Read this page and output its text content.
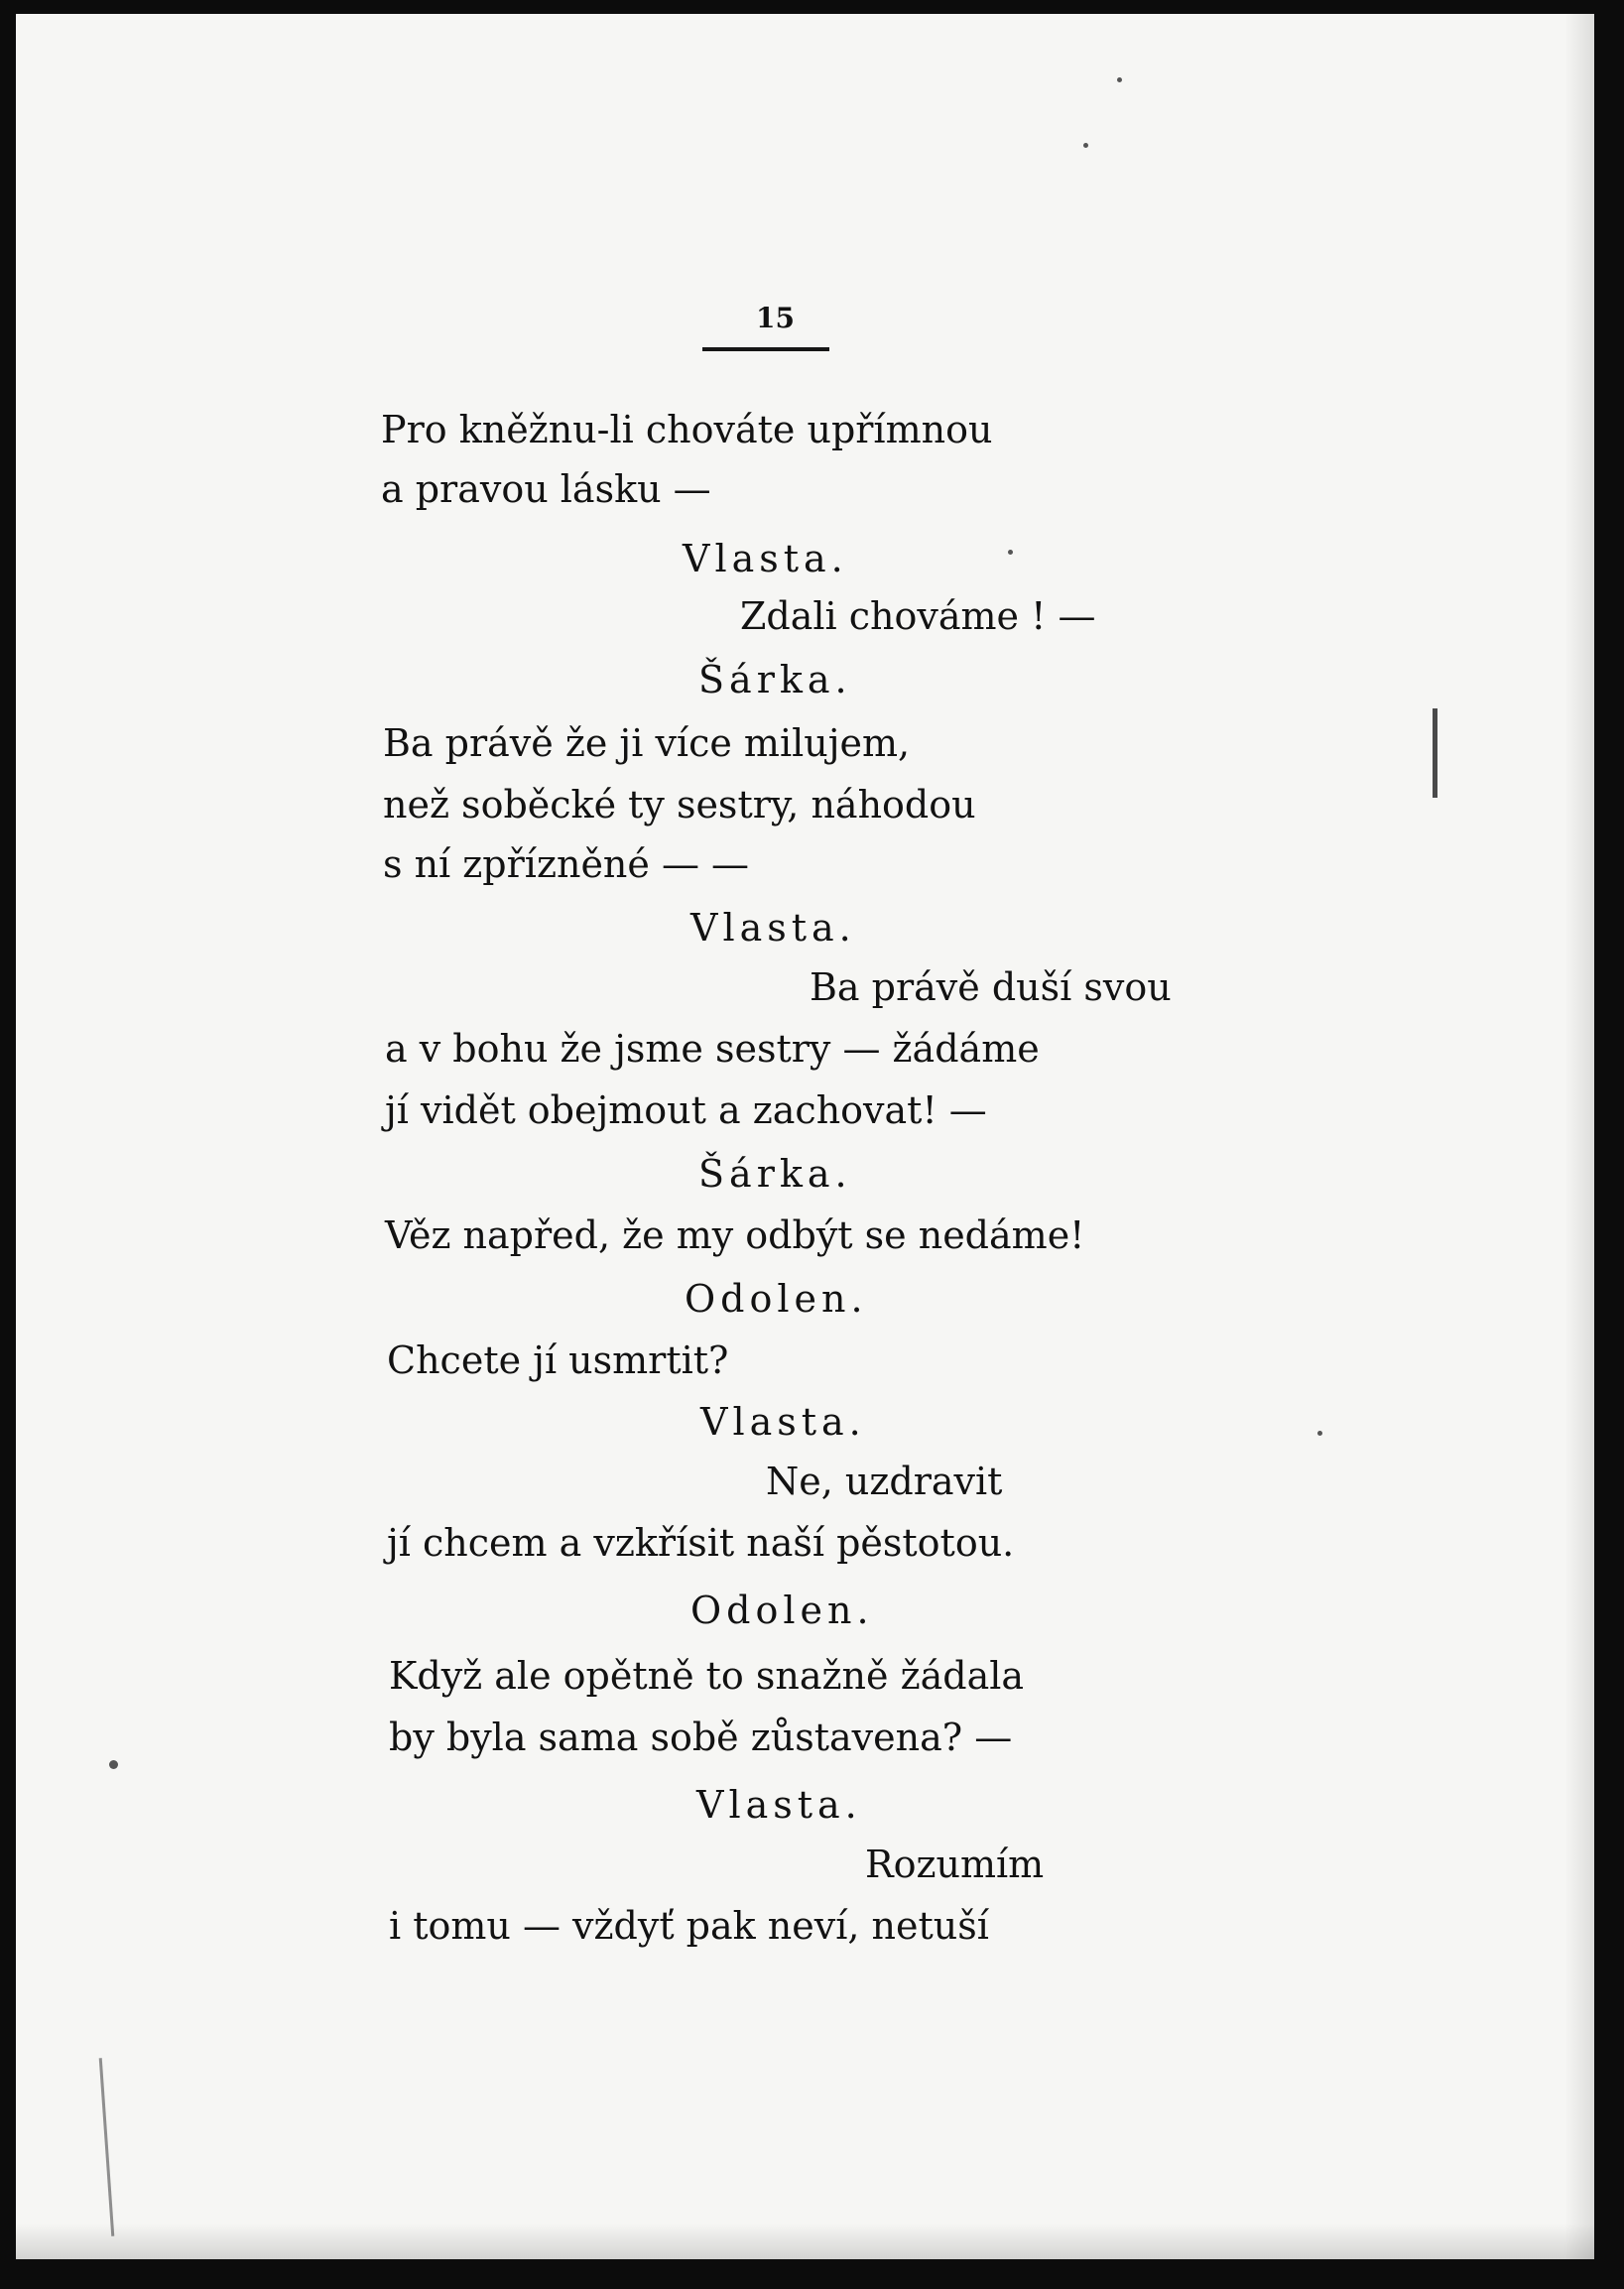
15
Pro kněžnu-li chováte upřímnou
a pravou lásku —
Vlasta.
Zdali chováme ! —
Šárka.
Ba právě že ji více milujem,
než soběcké ty sestry, náhodou
s ní zpřízněné — —
Vlasta.
Ba právě duší svou
a v bohu že jsme sestry — žádáme
jí vidět obejmout a zachovat! —
Šárka.
Věz napřed, že my odbýt se nedáme!
Odolen.
Chcete jí usmrtit?
Vlasta.
Ne, uzdravit
jí chcem a vzkřísit naší pěstotou.
Odolen.
Když ale opětně to snažně žádala
by byla sama sobě zůstavena? —
Vlasta.
Rozumím
i tomu — vždyť pak neví, netuší
